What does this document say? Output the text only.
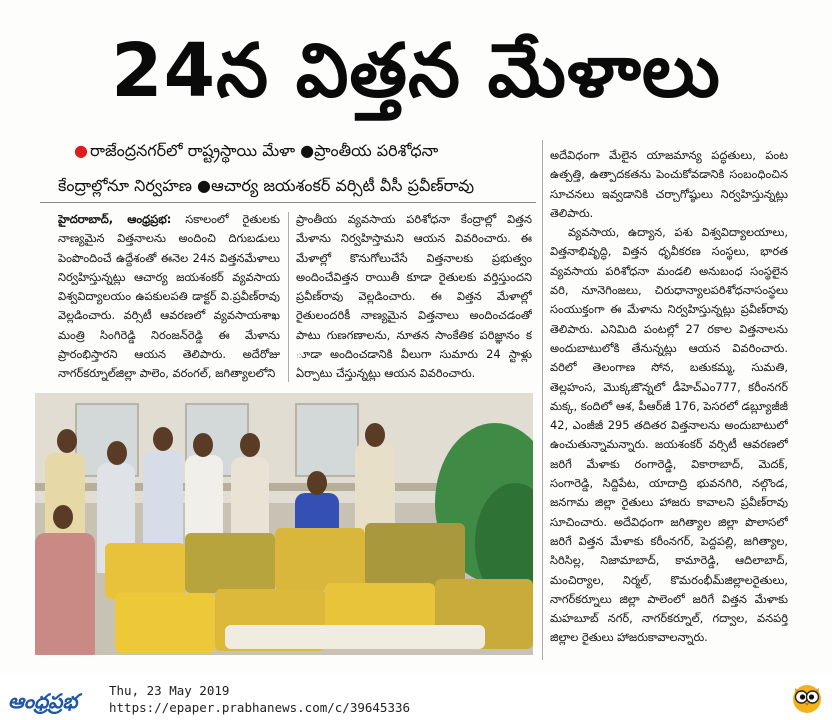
24న విత్తన మేళాలు
● రాజేంద్రనగర్‌లో రాష్ట్రస్థాయి మేళా ●ప్రాంతీయ పరిశోధనా
కేంద్రాల్లోనూ నిర్వహణ ●ఆచార్య జయశంకర్ వర్సిటీ వీసీ ప్రవీణ్‌రావు
హైదరాబాద్, ఆంధ్రప్రభ: సకాలంలో రైతులకు నాణ్యమైన విత్తనాలను అందించి దిగుబడులు పెంపొందించే ఉద్దేశంతో ఈనెల 24న విత్తనమేళాలు నిర్వహిస్తున్నట్లు ఆచార్య జయశంకర్ వ్యవసాయ విశ్వవిద్యాలయం ఉపకులపతి డాక్టర్ వి.ప్రవీణ్‌రావు వెల్లడించారు. వర్సిటీ ఆవరణలో వ్యవసాయశాఖ మంత్రి సింగిరెడ్డి నిరంజన్‌రెడ్డి ఈ మేళాను ప్రారంభిస్తారని ఆయన తెలిపారు. అదేరోజు నాగర్‌కర్నూల్‌జిల్లా పాలెం, వరంగల్, జగిత్యాలలోని
ప్రాంతీయ వ్యవసాయ పరిశోధనా కేంద్రాల్లో విత్తన మేళాను నిర్వహిస్తామని ఆయన వివరించారు. ఈ మేళాల్లో కొనుగోలుచేసే విత్తనాలకు ప్రభుత్వం అందించేవిత్తన రాయితీ కూడా రైతులకు వర్తిస్తుందని ప్రవీణ్‌రావు వెల్లడించారు. ఈ విత్తన మేళాల్లో రైతులందరికీ నాణ్యమైన విత్తనాలు అందించడంతో పాటు గుణగణాలను, నూతన సాంకేతిక పరిజ్ఞానం క ూడా అందించడానికి వీలుగా సుమారు 24 స్టాళ్లు ఏర్పాటు చేస్తున్నట్లు ఆయన వివరించారు.
అదేవిధంగా మేలైన యాజమాన్య పద్ధతులు, పంట ఉత్పత్తి, ఉత్పాదకతను పెంచుకోవడానికి సంబంధించిన సూచనలు ఇవ్వడానికి చర్చాగోష్ఠులు నిర్వహిస్తున్నట్లు తెలిపారు.
వ్యవసాయ, ఉద్యాన, పశు విశ్వవిద్యాలయాలు, విత్తనాభివృద్ధి, విత్తన ధృవీకరణ సంస్థలు, భారత వ్యవసాయ పరిశోధనా మండలి అనుబంధ సంస్థలైన వరి, నూనెగింజలు, చిరుధాన్యాలపరిశోధనాసంస్థలు సంయుక్తంగా ఈ మేళాను నిర్వహిస్తున్నట్లు ప్రవీణ్‌రావు తెలిపారు. ఎనిమిది పంటల్లో 27 రకాల విత్తనాలను అందుబాటులోకి తేనున్నట్లు ఆయన వివరించారు. వరిలో తెలంగాణ సోన, బతుకమ్మ, సుమతి, తెల్లహంస, మొక్కజొన్నలో డీహెచ్ఎం777, కరీంనగర్ మక్క, కందిలో ఆశ, పీఆర్‌జీ 176, పెసరలో డబ్ల్యూజీజీ 42, ఎంజీజీ 295 తదితర విత్తనాలను అందుబాటులో ఉంచుతున్నామన్నారు. జయశంకర్ వర్సిటీ ఆవరణలో జరిగే మేళాకు రంగారెడ్డి, వికారాబాద్, మెదక్, సంగారెడ్డి, సిద్దిపేట, యాదాద్రి భువనగిరి, నల్గొండ, జనగామ జిల్లా రైతులు హాజరు కావాలని ప్రవీణ్‌రావు సూచించారు. అదేవిధంగా జగిత్యాల జిల్లా పొలాసలో జరిగే విత్తన మేళాకు కరీంనగర్, పెద్దపల్లి, జగిత్యాల, సిరిసిల్ల, నిజామాబాద్, కామారెడ్డి, ఆదిలాబాద్, మంచిర్యాల, నిర్మల్, కొమరంభీమ్‌జిల్లాలరైతులు, నాగర్‌కర్నూలు జిల్లా పాలెంలో జరిగే విత్తన మేళాకు మహబూబ్ నగర్, నాగర్‌కర్నూల్, గద్వాల, వనపర్తి జిల్లాల రైతులు హాజరుకావాలన్నారు.
ఆంధ్రప్రభ	Thu, 23 May 2019
https://epaper.prabhanews.com/c/39645336
